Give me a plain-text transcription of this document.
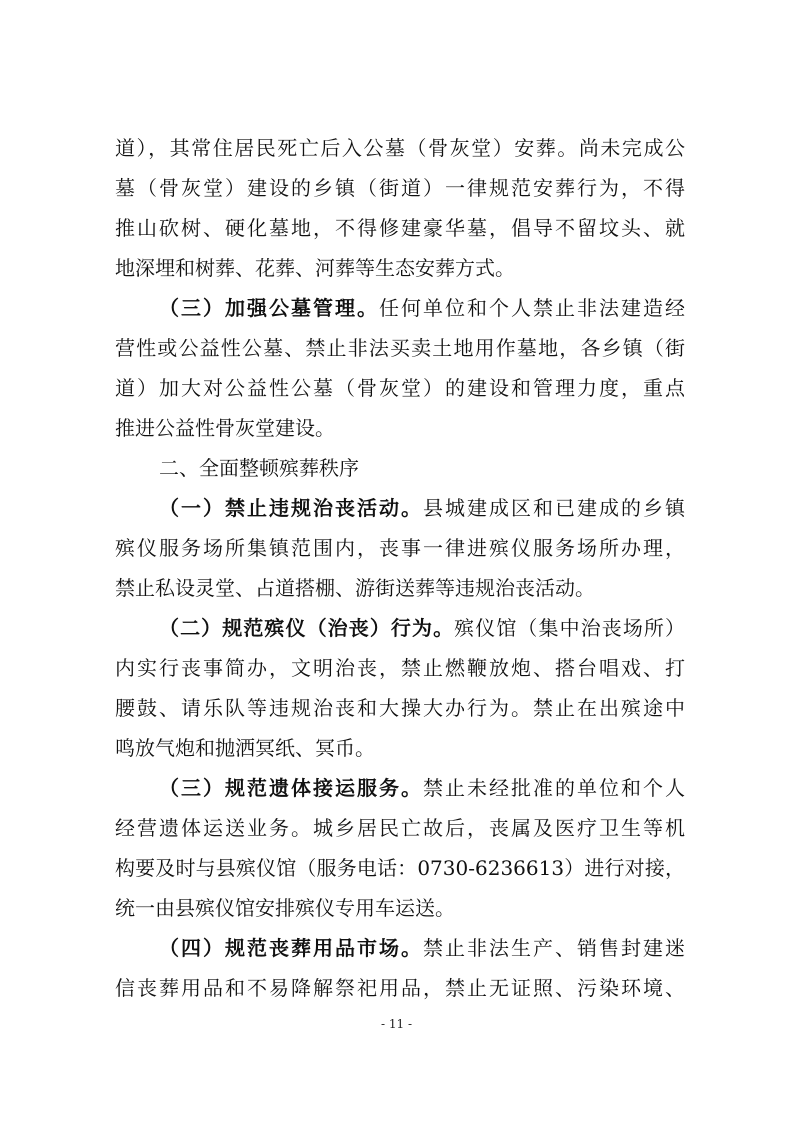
道），其常住居民死亡后入公墓（骨灰堂）安葬。尚未完成公
墓（骨灰堂）建设的乡镇（街道）一律规范安葬行为，不得
推山砍树、硬化墓地，不得修建豪华墓，倡导不留坟头、就
地深埋和树葬、花葬、河葬等生态安葬方式。
（三）加强公墓管理。任何单位和个人禁止非法建造经
营性或公益性公墓、禁止非法买卖土地用作墓地，各乡镇（街
道）加大对公益性公墓（骨灰堂）的建设和管理力度，重点
推进公益性骨灰堂建设。
二、全面整顿殡葬秩序
（一）禁止违规治丧活动。县城建成区和已建成的乡镇
殡仪服务场所集镇范围内，丧事一律进殡仪服务场所办理，
禁止私设灵堂、占道搭棚、游街送葬等违规治丧活动。
（二）规范殡仪（治丧）行为。殡仪馆（集中治丧场所）
内实行丧事简办，文明治丧，禁止燃鞭放炮、搭台唱戏、打
腰鼓、请乐队等违规治丧和大操大办行为。禁止在出殡途中
鸣放气炮和抛洒冥纸、冥币。
（三）规范遗体接运服务。禁止未经批准的单位和个人
经营遗体运送业务。城乡居民亡故后，丧属及医疗卫生等机
构要及时与县殡仪馆（服务电话：0730-6236613）进行对接，
统一由县殡仪馆安排殡仪专用车运送。
（四）规范丧葬用品市场。禁止非法生产、销售封建迷
信丧葬用品和不易降解祭祀用品，禁止无证照、污染环境、
- 11 -
